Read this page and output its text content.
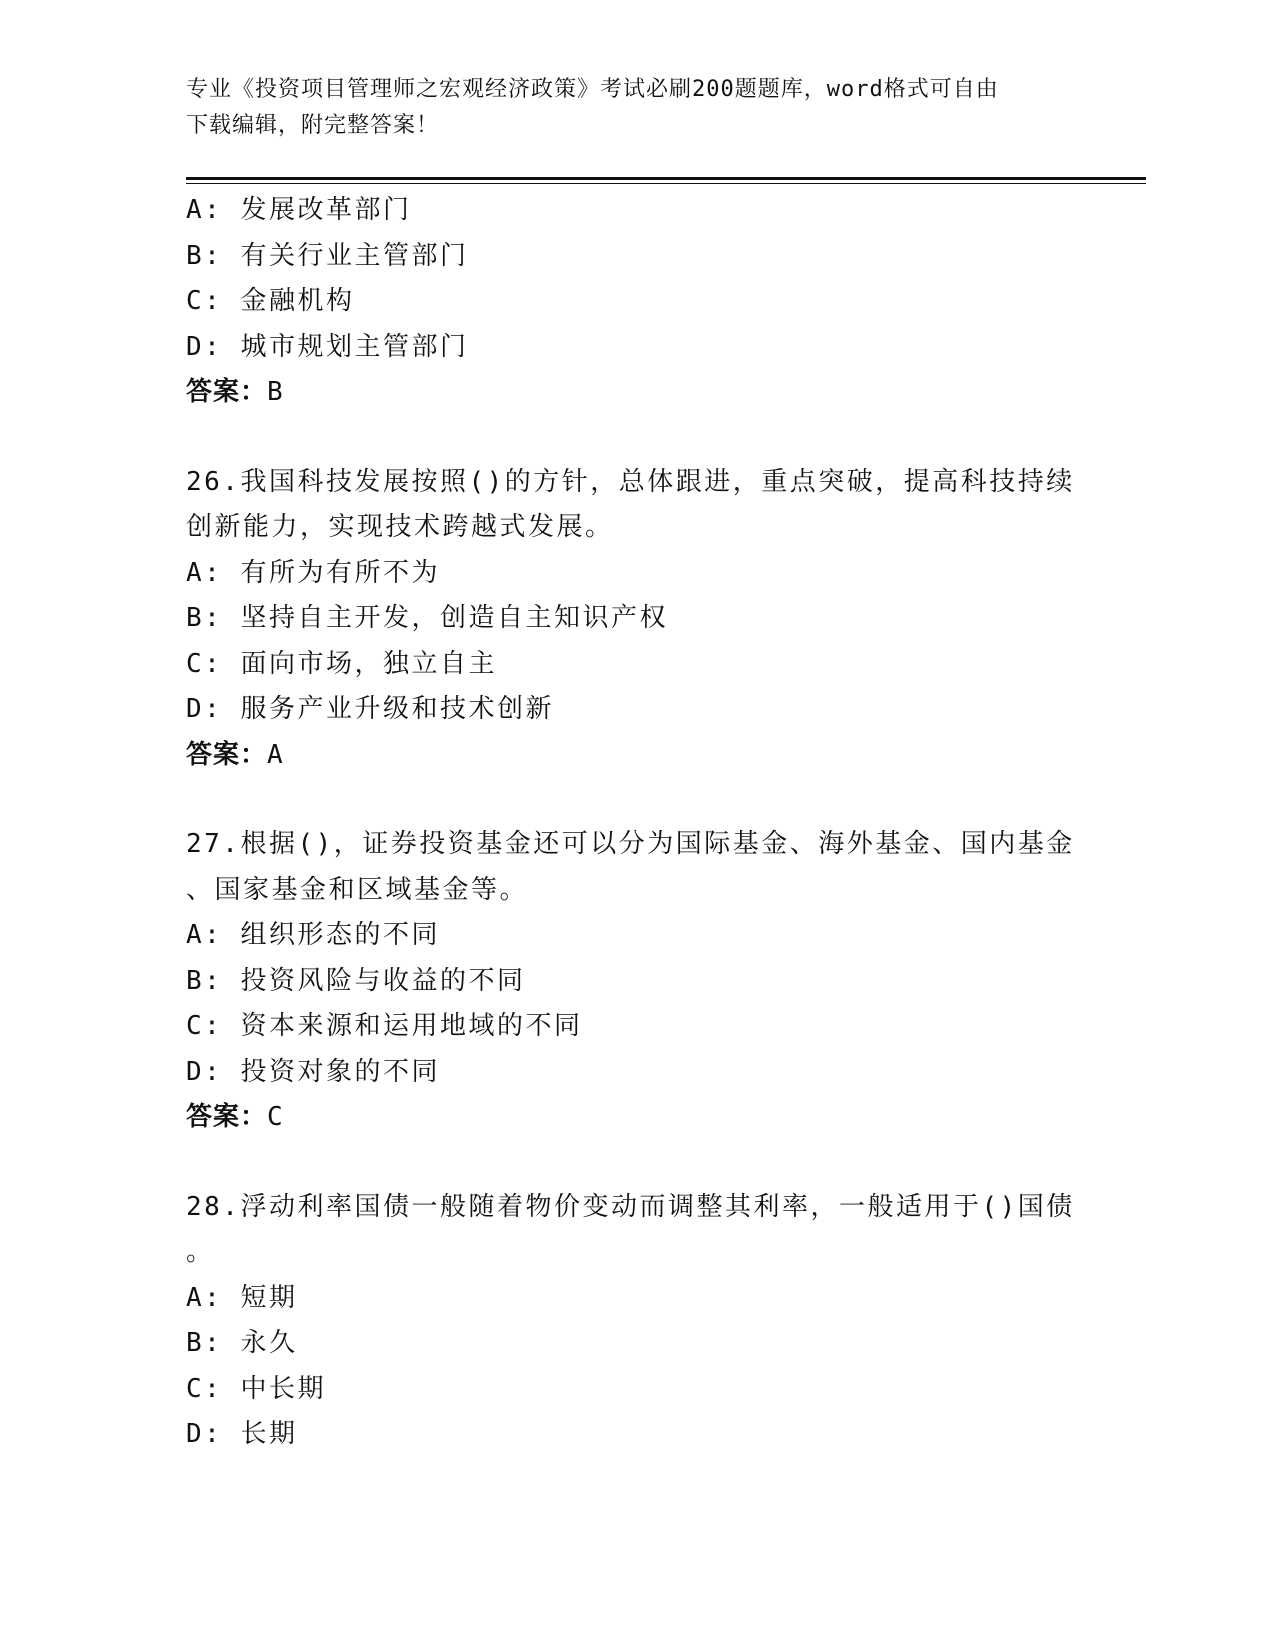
专业《投资项目管理师之宏观经济政策》考试必刷200题题库，word格式可自由
下载编辑，附完整答案！
A: 发展改革部门
B: 有关行业主管部门
C: 金融机构
D: 城市规划主管部门
答案：B
26.我国科技发展按照()的方针，总体跟进，重点突破，提高科技持续
创新能力，实现技术跨越式发展。
A: 有所为有所不为
B: 坚持自主开发，创造自主知识产权
C: 面向市场，独立自主
D: 服务产业升级和技术创新
答案：A
27.根据()，证券投资基金还可以分为国际基金、海外基金、国内基金
、国家基金和区域基金等。
A: 组织形态的不同
B: 投资风险与收益的不同
C: 资本来源和运用地域的不同
D: 投资对象的不同
答案：C
28.浮动利率国债一般随着物价变动而调整其利率，一般适用于()国债
。
A: 短期
B: 永久
C: 中长期
D: 长期
